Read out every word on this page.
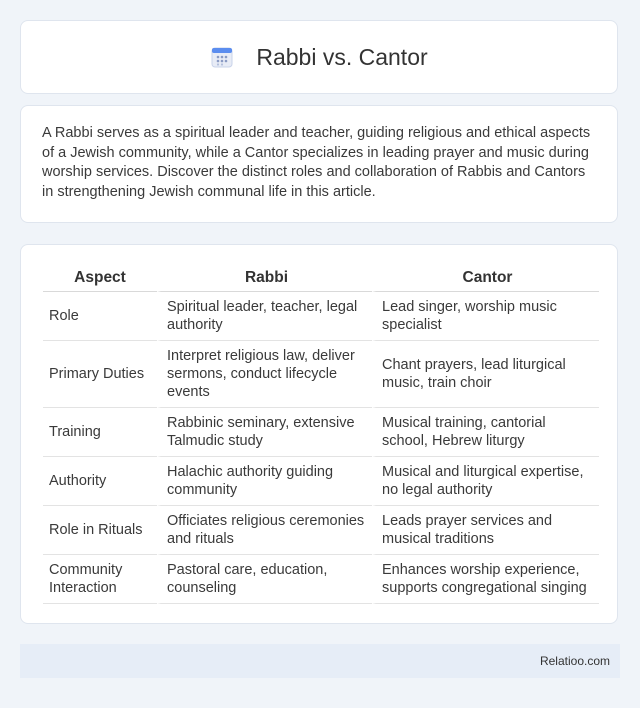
Rabbi vs. Cantor

A Rabbi serves as a spiritual leader and teacher, guiding religious and ethical aspects of a Jewish community, while a Cantor specializes in leading prayer and music during worship services. Discover the distinct roles and collaboration of Rabbis and Cantors in strengthening Jewish communal life in this article.

Aspect	Rabbi	Cantor
Role	Spiritual leader, teacher, legal authority	Lead singer, worship music specialist
Primary Duties	Interpret religious law, deliver sermons, conduct lifecycle events	Chant prayers, lead liturgical music, train choir
Training	Rabbinic seminary, extensive Talmudic study	Musical training, cantorial school, Hebrew liturgy
Authority	Halachic authority guiding community	Musical and liturgical expertise, no legal authority
Role in Rituals	Officiates religious ceremonies and rituals	Leads prayer services and musical traditions
Community Interaction	Pastoral care, education, counseling	Enhances worship experience, supports congregational singing
Relatioo.com
